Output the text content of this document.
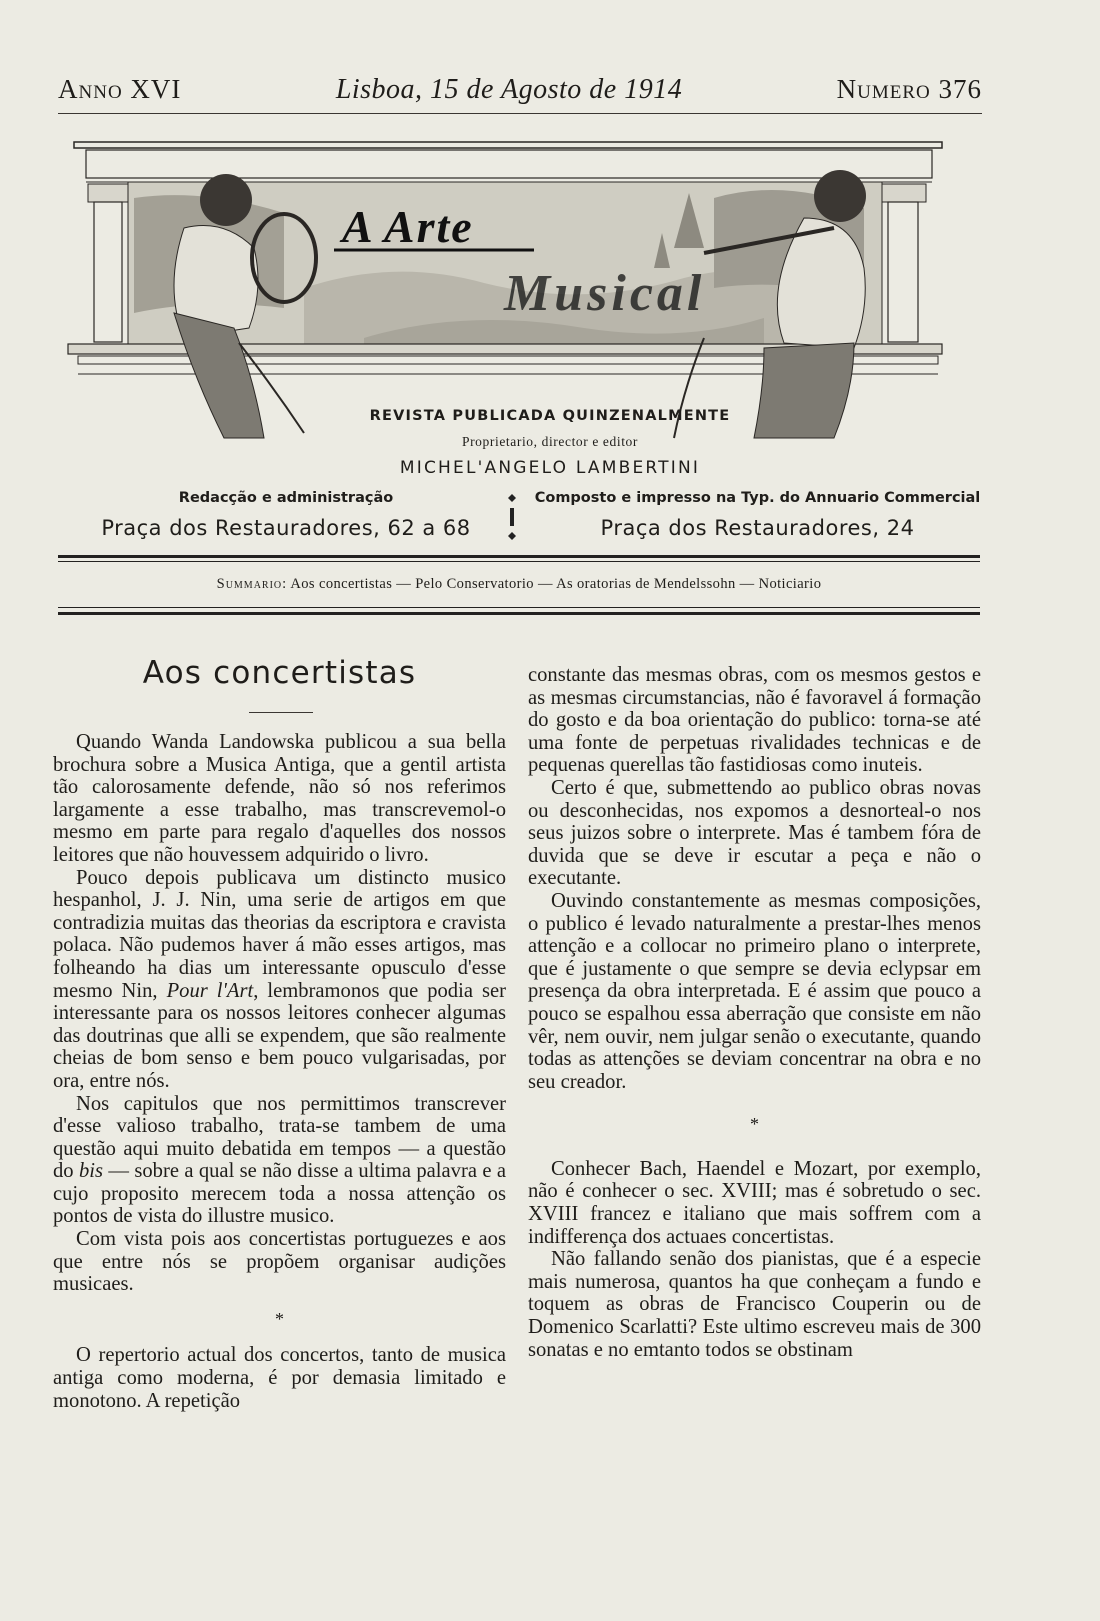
Anno XVI	Lisboa, 15 de Agosto de 1914	Numero 376
A Arte
Musical
REVISTA PUBLICADA QUINZENALMENTE
Proprietario, director e editor
MICHEL'ANGELO LAMBERTINI
Redacção e administração
Praça dos Restauradores, 62 a 68
Composto e impresso na Typ. do Annuario Commercial
Praça dos Restauradores, 24
Summario: Aos concertistas — Pelo Conservatorio — As oratorias de Mendelssohn — Noticiario
Aos concertistas

Quando Wanda Landowska publicou a sua bella brochura sobre a Musica Antiga, que a gentil artista tão calorosamente defende, não só nos referimos largamente a esse trabalho, mas transcrevemol-o mesmo em parte para regalo d'aquelles dos nossos leitores que não houvessem adquirido o livro.

Pouco depois publicava um distincto musico hespanhol, J. J. Nin, uma serie de artigos em que contradizia muitas das theorias da escriptora e cravista polaca. Não pudemos haver á mão esses artigos, mas folheando ha dias um interessante opusculo d'esse mesmo Nin, Pour l'Art, lembramonos que podia ser interessante para os nossos leitores conhecer algumas das doutrinas que alli se expendem, que são realmente cheias de bom senso e bem pouco vulgarisadas, por ora, entre nós.

Nos capitulos que nos permittimos transcrever d'esse valioso trabalho, trata-se tambem de uma questão aqui muito debatida em tempos — a questão do bis — sobre a qual se não disse a ultima palavra e a cujo proposito merecem toda a nossa attenção os pontos de vista do illustre musico.

Com vista pois aos concertistas portuguezes e aos que entre nós se propõem organisar audições musicaes.

*

O repertorio actual dos concertos, tanto de musica antiga como moderna, é por demasia limitado e monotono. A repetição

constante das mesmas obras, com os mesmos gestos e as mesmas circumstancias, não é favoravel á formação do gosto e da boa orientação do publico: torna-se até uma fonte de perpetuas rivalidades technicas e de pequenas querellas tão fastidiosas como inuteis.

Certo é que, submettendo ao publico obras novas ou desconhecidas, nos expomos a desnorteal-o nos seus juizos sobre o interprete. Mas é tambem fóra de duvida que se deve ir escutar a peça e não o executante.

Ouvindo constantemente as mesmas composições, o publico é levado naturalmente a prestar-lhes menos attenção e a collocar no primeiro plano o interprete, que é justamente o que sempre se devia eclypsar em presença da obra interpretada. E é assim que pouco a pouco se espalhou essa aberração que consiste em não vêr, nem ouvir, nem julgar senão o executante, quando todas as attenções se deviam concentrar na obra e no seu creador.

*

Conhecer Bach, Haendel e Mozart, por exemplo, não é conhecer o sec. XVIII; mas é sobretudo o sec. XVIII francez e italiano que mais soffrem com a indifferença dos actuaes concertistas.

Não fallando senão dos pianistas, que é a especie mais numerosa, quantos ha que conheçam a fundo e toquem as obras de Francisco Couperin ou de Domenico Scarlatti? Este ultimo escreveu mais de 300 sonatas e no emtanto todos se obstinam
